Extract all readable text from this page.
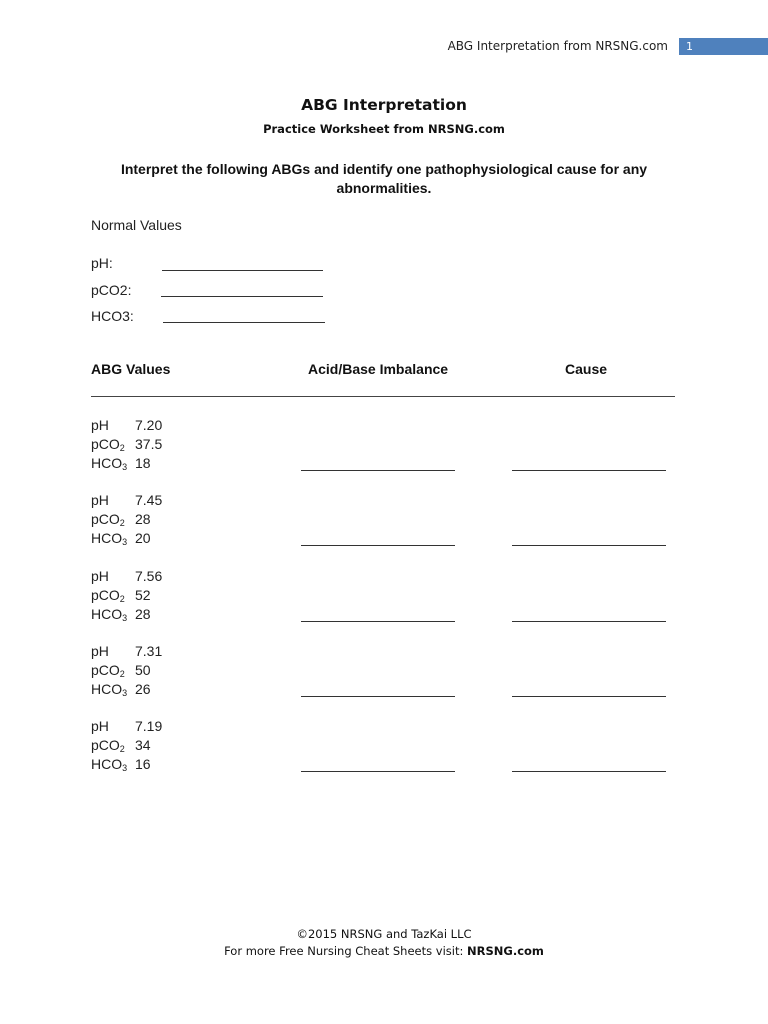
ABG Interpretation from NRSNG.com	1
ABG Interpretation
Practice Worksheet from NRSNG.com
Interpret the following ABGs and identify one pathophysiological cause for any abnormalities.
Normal Values
pH:
pCO2:
HCO3:
ABG Values	Acid/Base Imbalance	Cause
pH 7.20
pCO$_2$ 37.5
$HCO_3$ 18
pH 7.45
pCO$_2$ 28
$HCO_3$ 20
pH 7.56
pCO$_2$ 52
$HCO_3$ 28
pH 7.31
pCO$_2$ 50
$HCO_3$ 26
pH 7.19
pCO$_2$ 34
$HCO_3$ 16
©2015 NRSNG and TazKai LLC
For more Free Nursing Cheat Sheets visit: NRSNG.com
